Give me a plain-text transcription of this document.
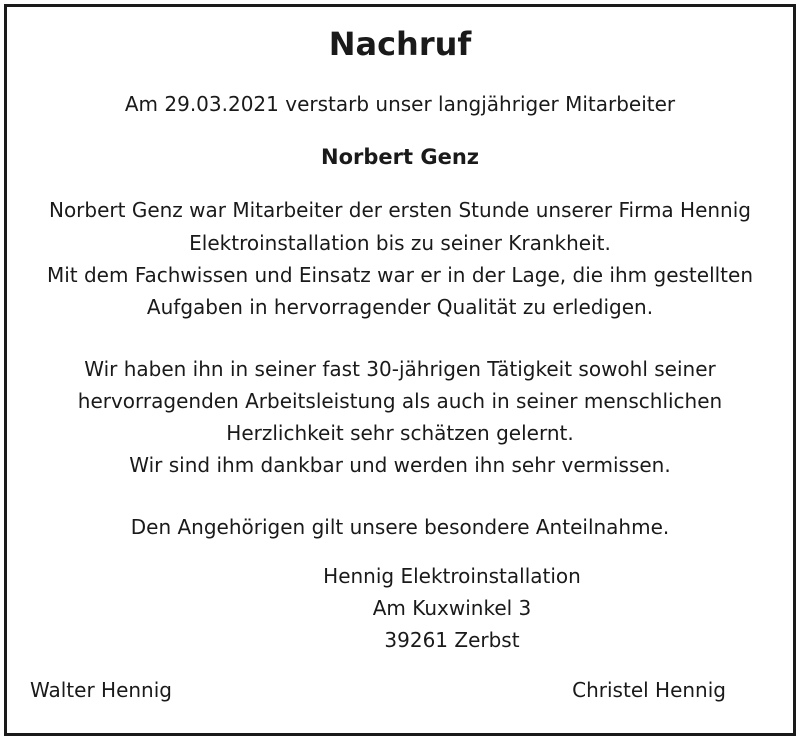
Nachruf
Am 29.03.2021 verstarb unser langjähriger Mitarbeiter
Norbert Genz
Norbert Genz war Mitarbeiter der ersten Stunde unserer Firma Hennig
Elektroinstallation bis zu seiner Krankheit.
Mit dem Fachwissen und Einsatz war er in der Lage, die ihm gestellten
Aufgaben in hervorragender Qualität zu erledigen.
Wir haben ihn in seiner fast 30-jährigen Tätigkeit sowohl seiner
hervorragenden Arbeitsleistung als auch in seiner menschlichen
Herzlichkeit sehr schätzen gelernt.
Wir sind ihm dankbar und werden ihn sehr vermissen.
Den Angehörigen gilt unsere besondere Anteilnahme.
Hennig Elektroinstallation
Am Kuxwinkel 3
39261 Zerbst
Walter Hennig	Christel Hennig
